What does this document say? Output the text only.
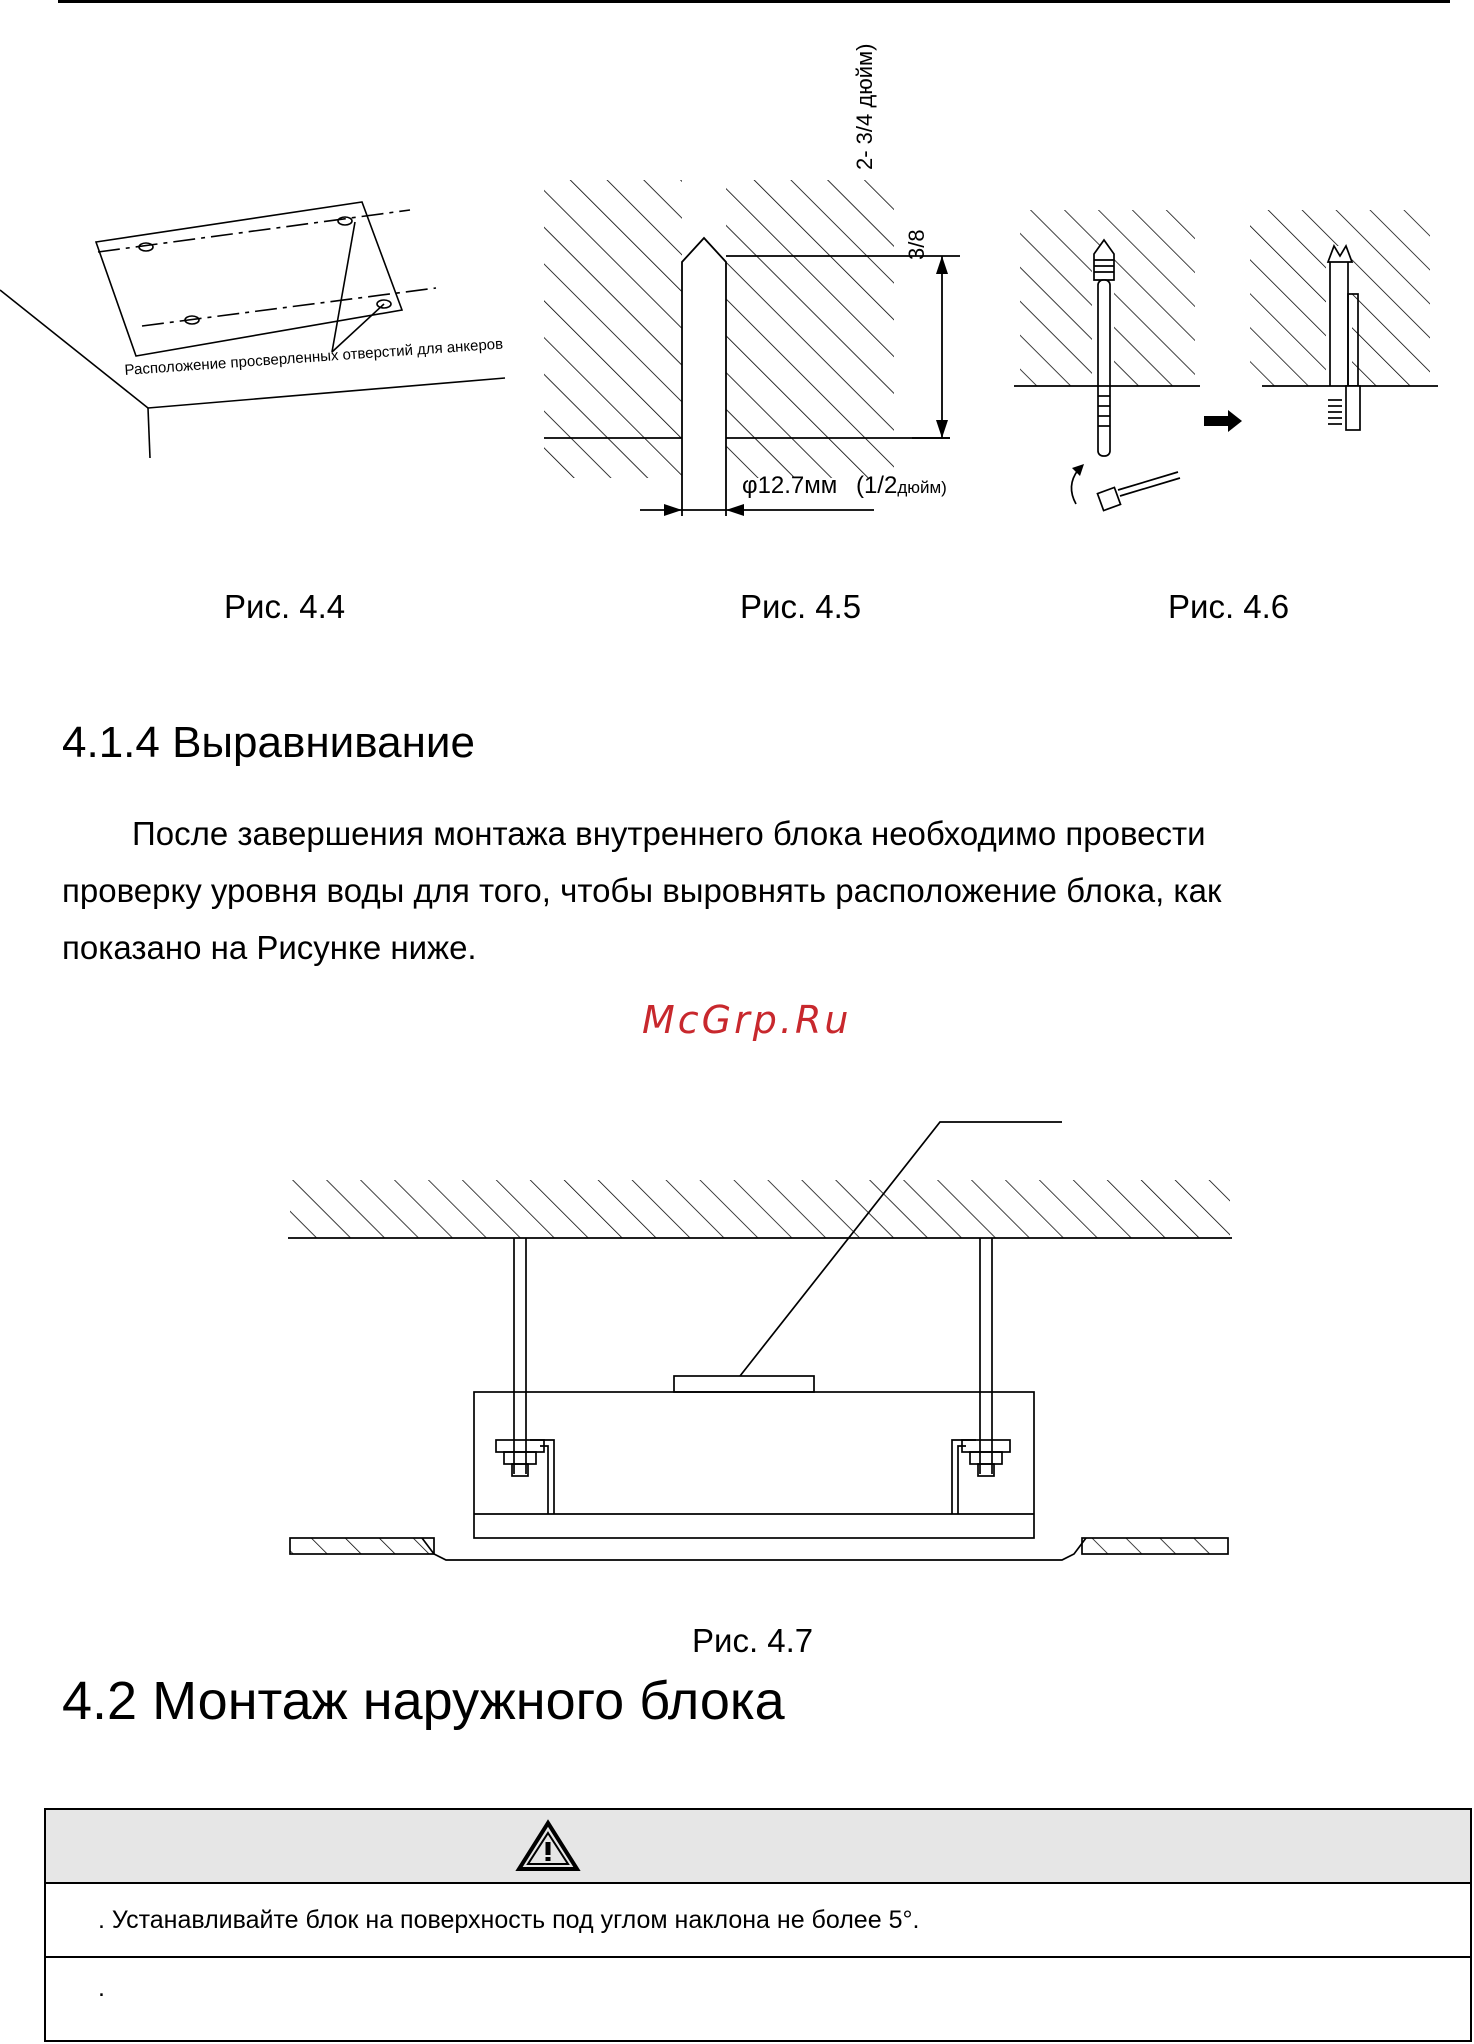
Расположение просверленных отверстий для анкеров
2- 3/4 дюйм)
3/8
φ12.7мм (1/2дюйм)
Рис. 4.4	Рис. 4.5	Рис. 4.6
4.1.4 Выравнивание
После завершения монтажа внутреннего блока необходимо провести
проверку уровня воды для того, чтобы выровнять расположение блока, как
показано на Рисунке ниже.
McGrp.Ru
Рис. 4.7
4.2 Монтаж наружного блока
. Устанавливайте блок на поверхность под углом наклона не более 5°.
.
